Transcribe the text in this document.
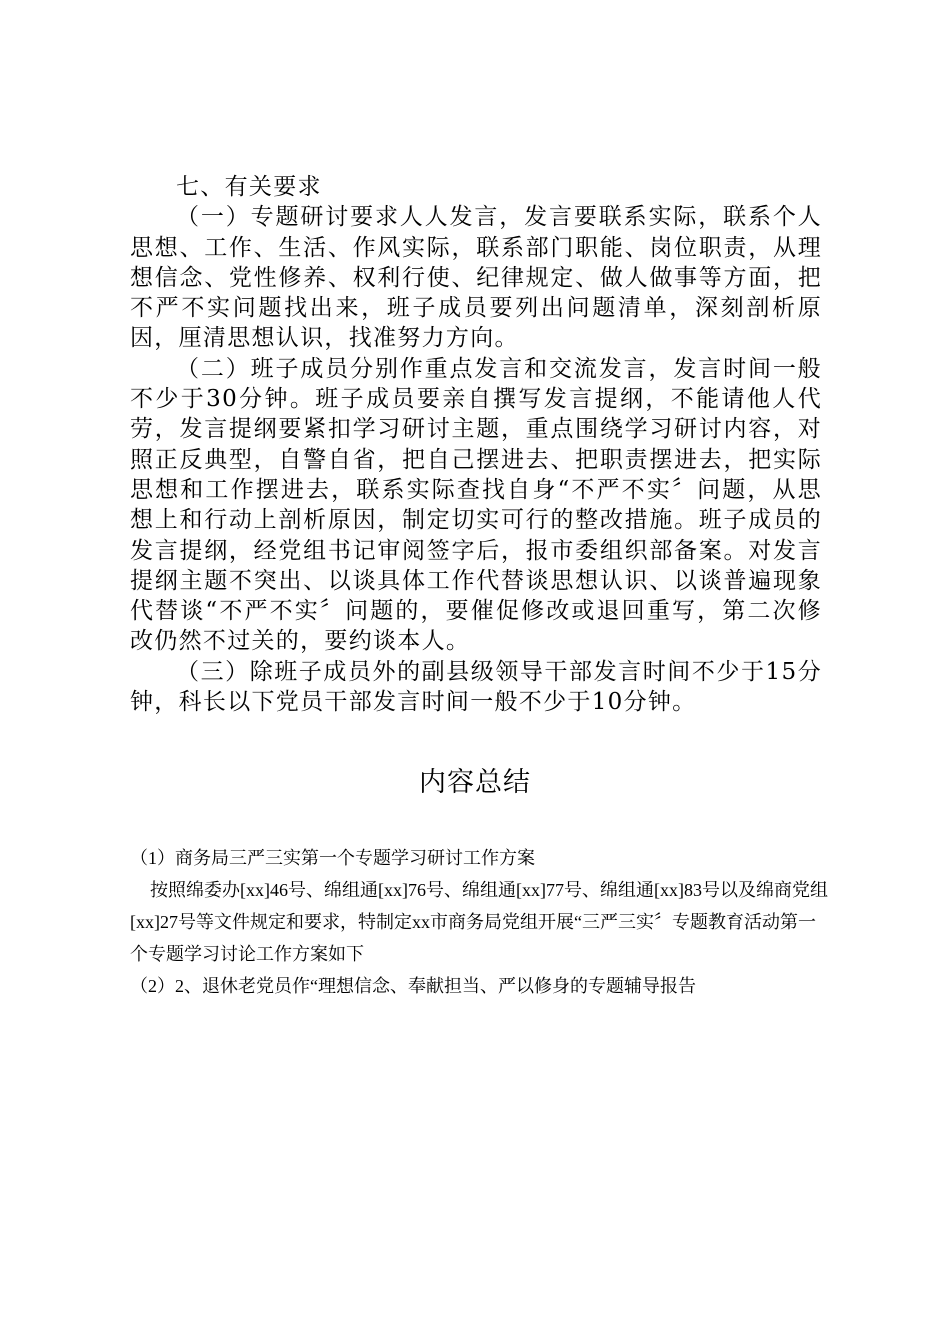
七、有关要求

（一）专题研讨要求人人发言，发言要联系实际，联系个人思想、工作、生活、作风实际，联系部门职能、岗位职责，从理想信念、党性修养、权利行使、纪律规定、做人做事等方面，把不严不实问题找出来，班子成员要列出问题清单，深刻剖析原因，厘清思想认识，找准努力方向。

（二）班子成员分别作重点发言和交流发言，发言时间一般不少于30分钟。班子成员要亲自撰写发言提纲，不能请他人代劳，发言提纲要紧扣学习研讨主题，重点围绕学习研讨内容，对照正反典型，自警自省，把自己摆进去、把职责摆进去，把实际思想和工作摆进去，联系实际查找自身“不严不实〞问题，从思想上和行动上剖析原因，制定切实可行的整改措施。班子成员的发言提纲，经党组书记审阅签字后，报市委组织部备案。对发言提纲主题不突出、以谈具体工作代替谈思想认识、以谈普遍现象代替谈“不严不实〞问题的，要催促修改或退回重写，第二次修改仍然不过关的，要约谈本人。

（三）除班子成员外的副县级领导干部发言时间不少于15分钟，科长以下党员干部发言时间一般不少于10分钟。

内容总结

（1）商务局三严三实第一个专题学习研讨工作方案

按照绵委办[xx]46号、绵组通[xx]76号、绵组通[xx]77号、绵组通[xx]83号以及绵商党组[xx]27号等文件规定和要求，特制定xx市商务局党组开展“三严三实〞专题教育活动第一个专题学习讨论工作方案如下

（2）2、退休老党员作“理想信念、奉献担当、严以修身的专题辅导报告
